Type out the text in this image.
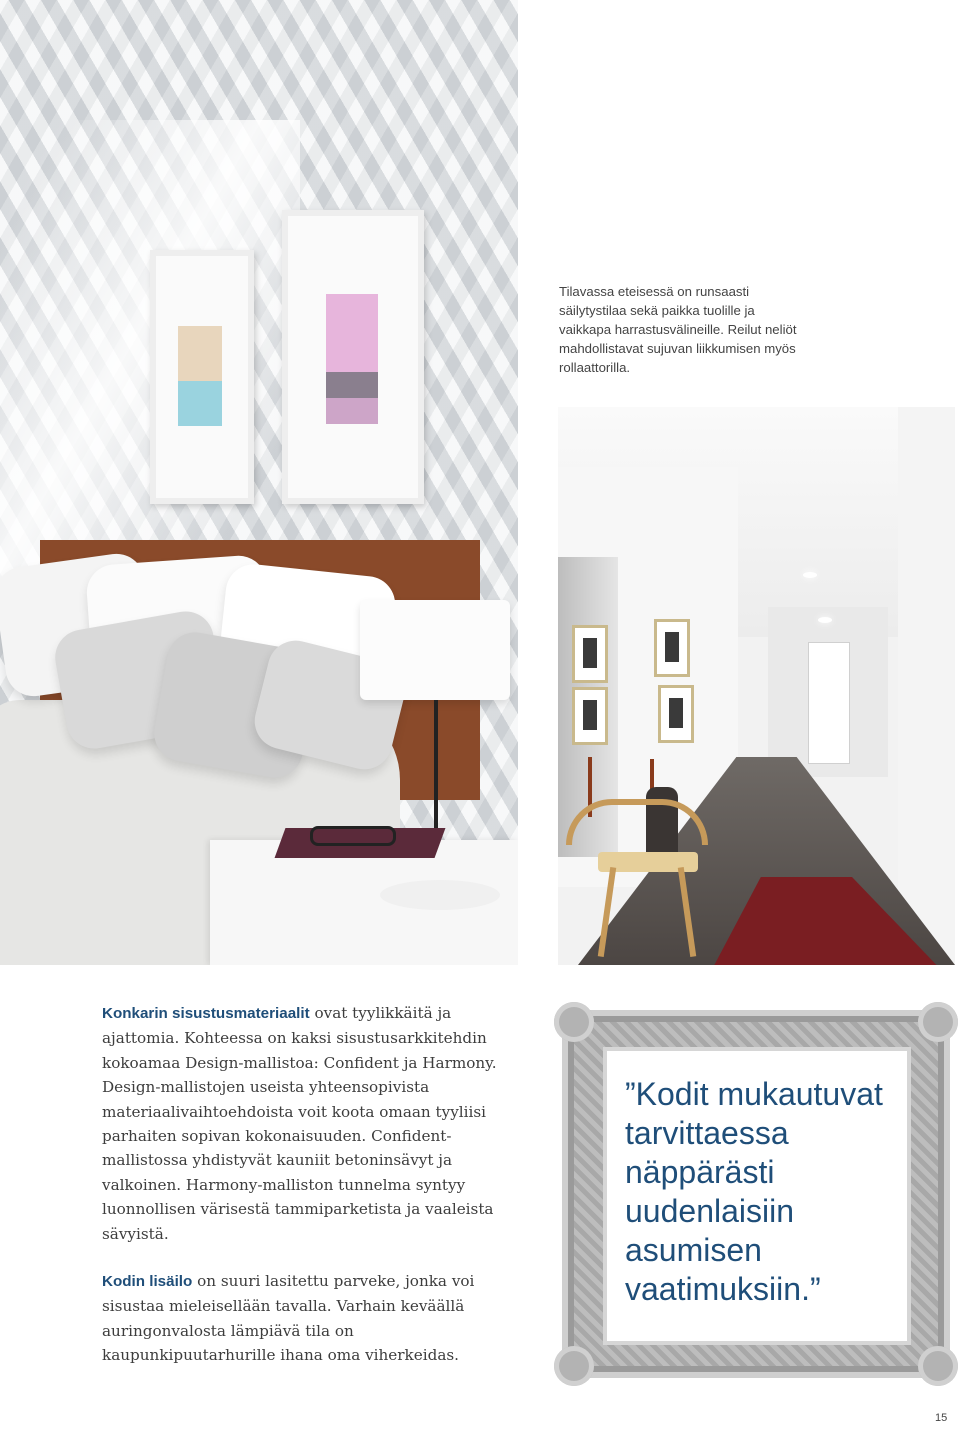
Tilavassa eteisessä on runsaasti säilytystilaa sekä paikka tuolille ja vaikkapa harrastusvälineille. Reilut neliöt mahdollistavat sujuvan liikkumisen myös rollaattorilla.

Konkarin sisustusmateriaalit ovat tyylikkäitä ja ajattomia. Kohteessa on kaksi sisustusarkkitehdin kokoamaa Design-mallistoa: Confident ja Harmony. Design-mallistojen useista yhteensopivista materiaalivaihtoehdoista voit koota omaan tyyliisi parhaiten sopivan kokonaisuuden. Confident-mallistossa yhdistyvät kauniit betoninsävyt ja valkoinen. Harmony-malliston tunnelma syntyy luonnollisen värisestä tammiparketista ja vaaleista sävyistä.

Kodin lisäilo on suuri lasitettu parveke, jonka voi sisustaa mieleisellään tavalla. Varhain keväällä auringonvalosta lämpiävä tila on kaupunkipuutarhurille ihana oma viherkeidas.

”Kodit mukautuvat tarvittaessa näppärästi uudenlaisiin asumisen vaatimuksiin.”

15
